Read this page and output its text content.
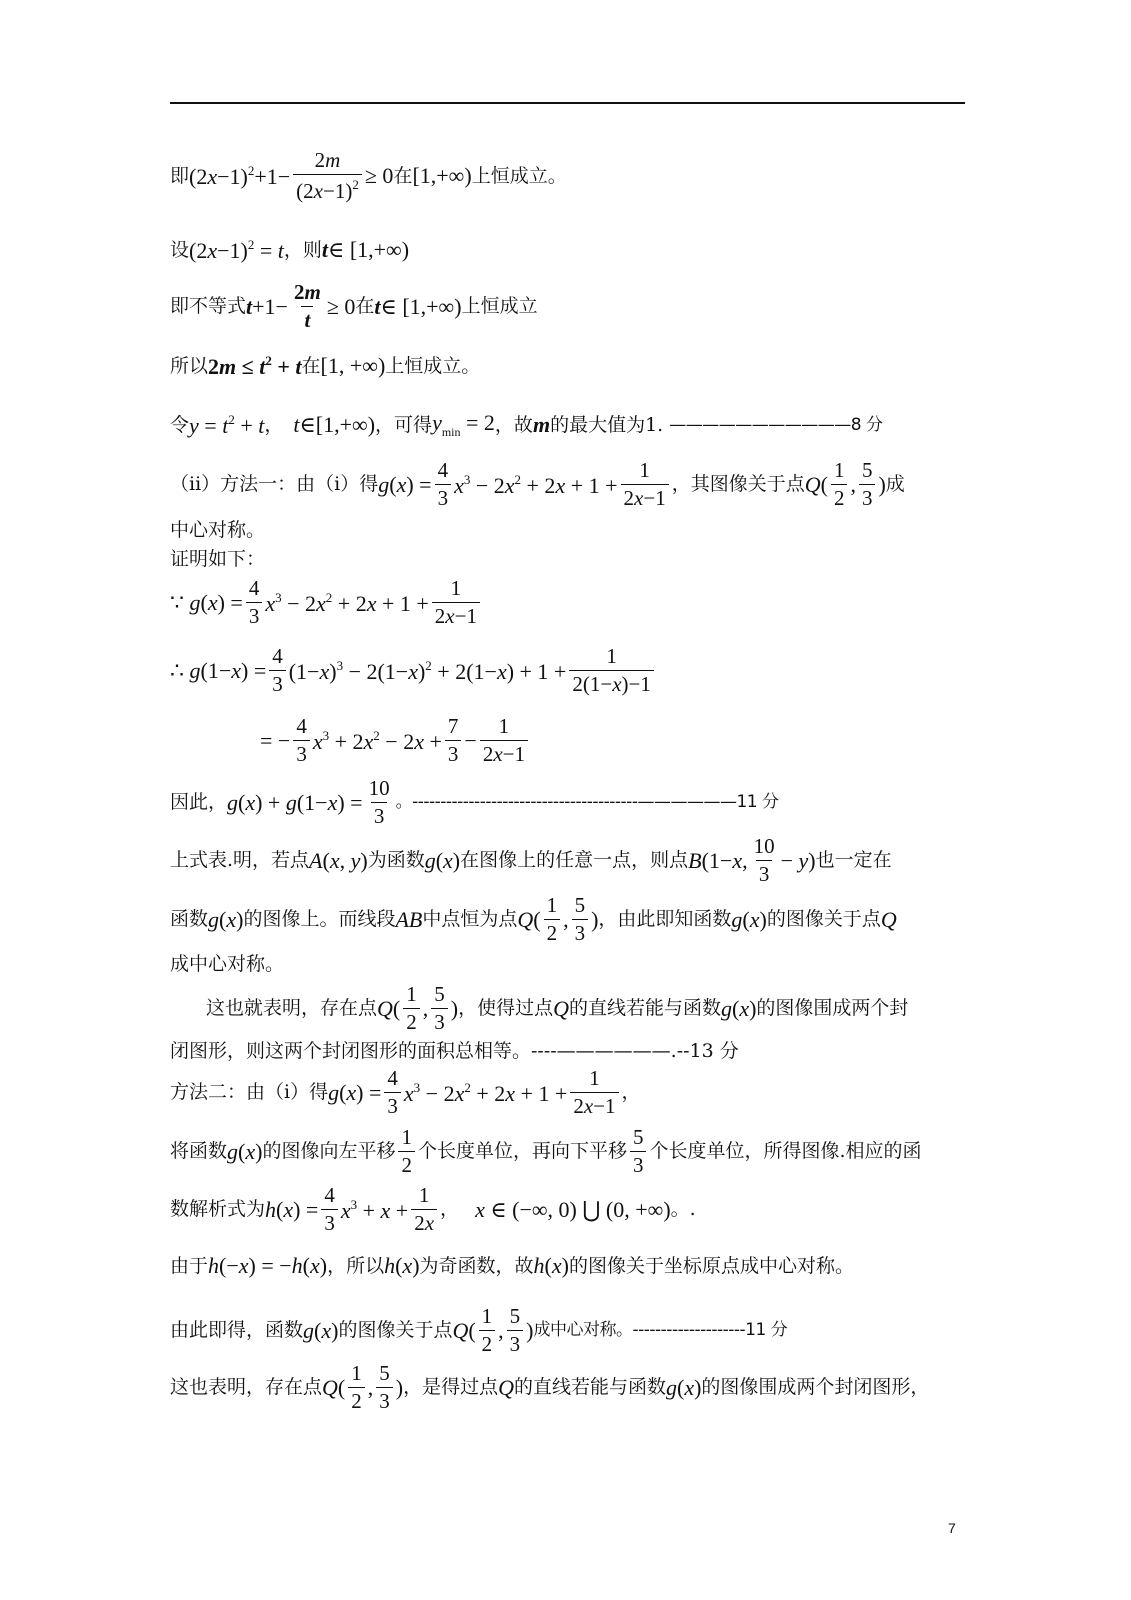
即 $(2x-1)^2+1- \frac{2m}{(2x-1)^2} \ge 0$ 在 [1,+∞) 上恒成立。
设 $(2x-1)^2 = t$ ，则 t∈ [1,+∞)
即不等式 $t+1- \frac{2m}{t} \ge 0$ 在 t∈ [1,+∞) 上恒成立
所以 $2m \le t^2 + t$ 在 [1, +∞) 上恒成立。
令 $y = t^2 + t$ ， t∈[1,+∞) ，可得 $y_{min} = 2$ ，故 m 的最大值为 1. ———————————8 分
（ii）方法一：由（i）得 $g(x) = \frac{4}{3} x^3 - 2x^2 + 2x + 1 + \frac{1}{2x-1}$ ，其图像关于点 Q ( $\frac{1}{2}$ , $\frac{5}{3}$ ) 成
中心对称。
证明如下：
∵ $g(x) = \frac{4}{3} x^3 - 2x^2 + 2x + 1 + \frac{1}{2x-1}$
∴ $g(1-x) = \frac{4}{3} (1-x)^3 - 2(1-x)^2 + 2(1-x) + 1 + \frac{1}{2(1-x)-1}$
= − $\frac{4}{3} x^3 + 2x^2 - 2x + \frac{7}{3} - \frac{1}{2x-1}$
因此， $g(x) + g(1-x) = \frac{10}{3}$ 。----------------------------------------——————11 分
上式表.明，若点 A(x, y) 为函数 g(x) 在图像上的任意一点，则点 B(1−x, $\frac{10}{3} - y$) 也一定在
函数 g(x) 的图像上。而线段 AB 中点恒为点 Q ( $\frac{1}{2}$ , $\frac{5}{3}$ ) ，由此即知函数 g(x) 的图像关于点 Q
成中心对称。
这也就表明，存在点 Q ( $\frac{1}{2}$ , $\frac{5}{3}$ ) ，使得过点 Q 的直线若能与函数 g(x) 的图像围成两个封
闭图形，则这两个封闭图形的面积总相等。----——————.--13 分
方法二：由（i）得 $g(x) = \frac{4}{3} x^3 - 2x^2 + 2x + 1 + \frac{1}{2x-1}$ ，
将函数 g(x) 的图像向左平移 $\frac{1}{2}$ 个长度单位，再向下平移 $\frac{5}{3}$ 个长度单位，所得图像.相应的函
数解析式为 $h(x) = \frac{4}{3} x^3 + x + \frac{1}{2x}$ ， x ∈ (−∞, 0) ⋃ (0, +∞) 。.
由于 h(−x) = −h(x) ，所以 h(x) 为奇函数，故 h(x) 的图像关于坐标原点成中心对称。
由此即得，函数 g(x) 的图像关于点 Q ( $\frac{1}{2}$ , $\frac{5}{3}$ ) 成中心对称。--------------------11 分
这也表明，存在点 Q ( $\frac{1}{2}$ , $\frac{5}{3}$ ) ，是得过点 Q 的直线若能与函数 g(x) 的图像围成两个封闭图形，
7
